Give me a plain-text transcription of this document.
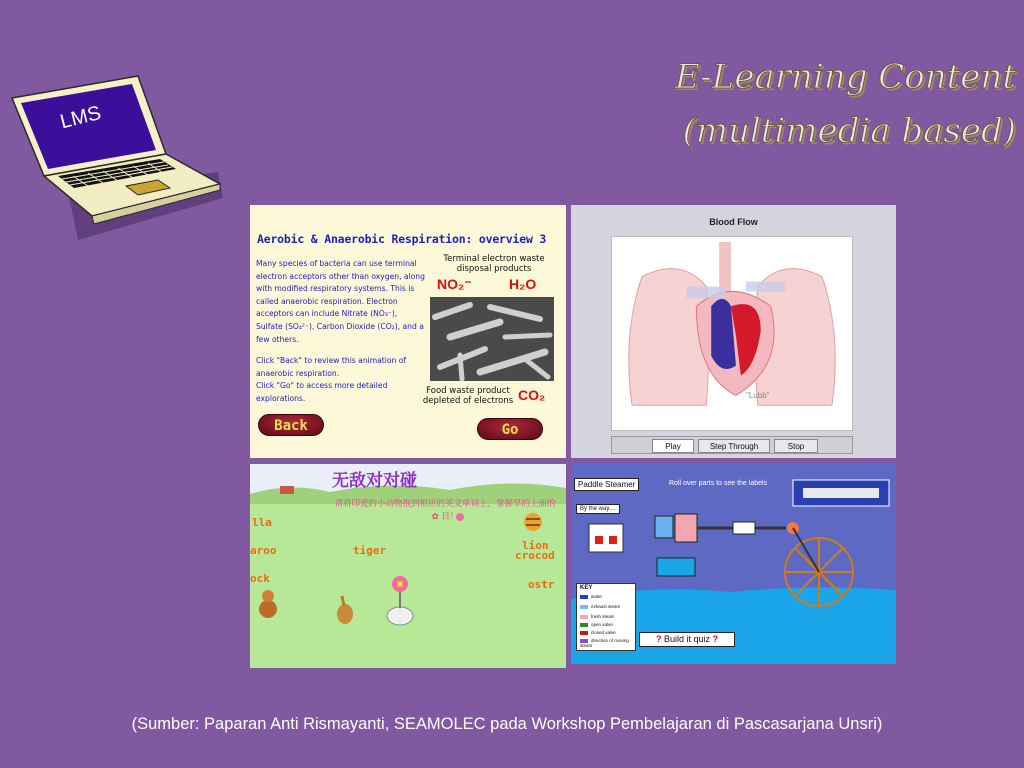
E-Learning Content
(multimedia based)
LMS
Aerobic & Anaerobic Respiration: overview 3

Many species of bacteria can use terminal electron acceptors other than oxygen, along with modified respiratory systems. This is called anaerobic respiration. Electron acceptors can include Nitrate (NO₃⁻), Sulfate (SO₄²⁻), Carbon Dioxide (CO₂), and a few others.

Click "Back" to review this animation of anaerobic respiration.
Click "Go" to access more detailed explorations.

Terminal electron waste disposal products
NO₂⁻	H₂O
Food waste product depleted of electrons CO₂
Back	Go
Blood Flow
"Lubb"
Play	Step Through	Stop
无敌对对碰
请将印爱的小动物拖到相应的英文单词上，掌握早的上面的 ✿ 目！
lla
aroo	tiger
ock	ostr
crocod
lion
Paddle Steamer	Roll over parts to see the labels
By the way....
KEY
water
exhaust steam
fresh steam
open valve
closed valve
direction of moving steam
? Build it quiz ?
(Sumber: Paparan Anti Rismayanti, SEAMOLEC pada Workshop Pembelajaran di Pascasarjana Unsri)
